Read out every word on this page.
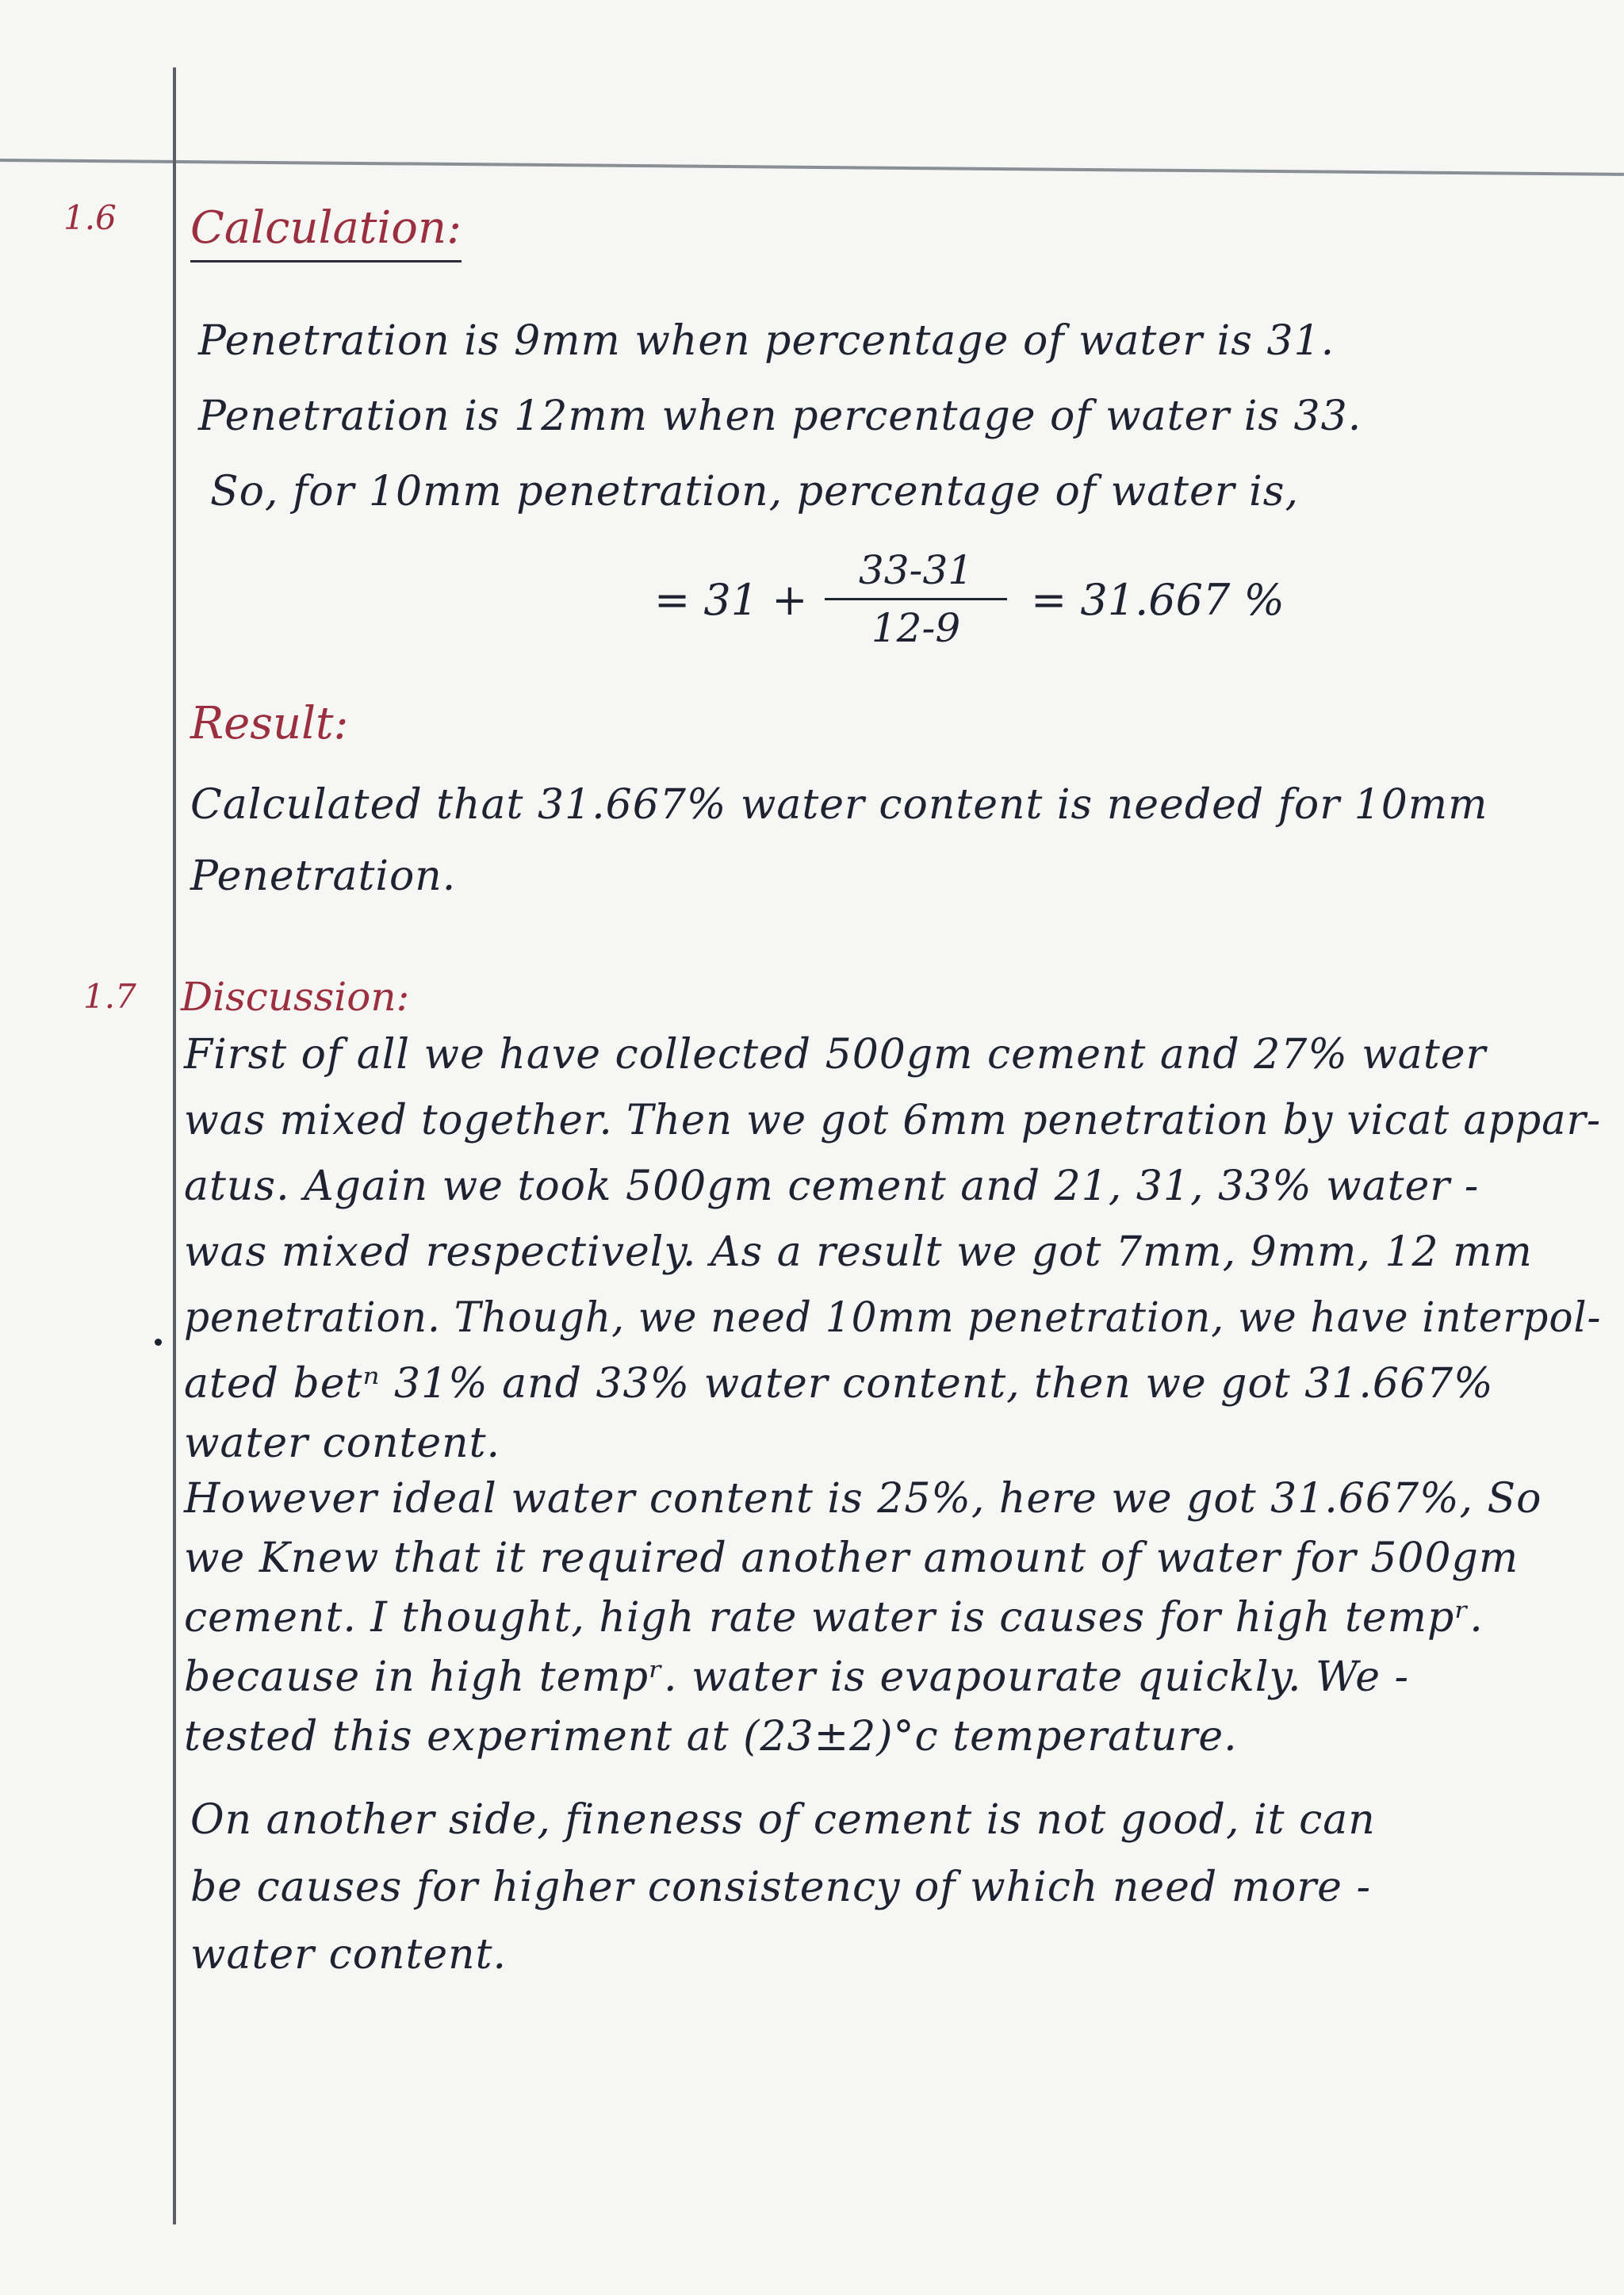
1.6 Calculation:
Penetration is 9mm when percentage of water is 31.
Penetration is 12mm when percentage of water is 33.
So, for 10mm penetration, percentage of water is,
= $31 + \frac{33-31}{12-9} = 31.667$ %
Result:
Calculated that 31.667% water content is needed for 10mm
Penetration.
1.7 Discussion:
First of all we have collected 500gm cement and 27% water
was mixed together. Then we got 6mm penetration by vicat appar-
atus. Again we took 500gm cement and 21, 31, 33% water -
was mixed respectively. As a result we got 7mm, 9mm, 12 mm
penetration. Though, we need 10mm penetration, we have interpol-
ated betⁿ 31% and 33% water content, then we got 31.667%
water content.
However ideal water content is 25%, here we got 31.667%, So
we Knew that it required another amount of water for 500gm
cement. I thought, high rate water is causes for high tempʳ.
because in high tempʳ. water is evapourate quickly. We -
tested this experiment at (23±2)°c temperature.
On another side, fineness of cement is not good, it can
be causes for higher consistency of which need more -
water content.
